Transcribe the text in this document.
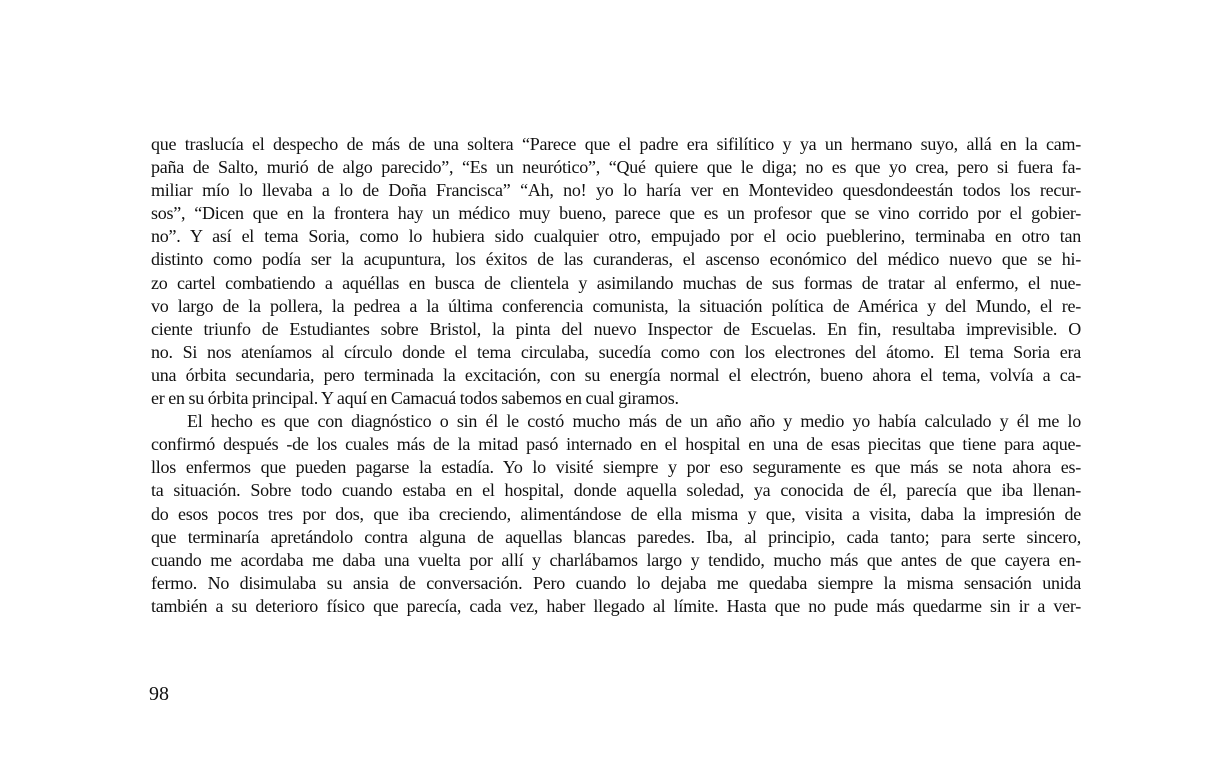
que traslucía el despecho de más de una soltera “Parece que el padre era sifilítico y ya un hermano suyo, allá en la cam-
paña de Salto, murió de algo parecido”, “Es un neurótico”, “Qué quiere que le diga; no es que yo crea, pero si fuera fa-
miliar mío lo llevaba a lo de Doña Francisca” “Ah, no! yo lo haría ver en Montevideo quesdondeestán todos los recur-
sos”, “Dicen que en la frontera hay un médico muy bueno, parece que es un profesor que se vino corrido por el gobier-
no”. Y así el tema Soria, como lo hubiera sido cualquier otro, empujado por el ocio pueblerino, terminaba en otro tan
distinto como podía ser la acupuntura, los éxitos de las curanderas, el ascenso económico del médico nuevo que se hi-
zo cartel combatiendo a aquéllas en busca de clientela y asimilando muchas de sus formas de tratar al enfermo, el nue-
vo largo de la pollera, la pedrea a la última conferencia comunista, la situación política de América y del Mundo, el re-
ciente triunfo de Estudiantes sobre Bristol, la pinta del nuevo Inspector de Escuelas. En fin, resultaba imprevisible. O
no. Si nos ateníamos al círculo donde el tema circulaba, sucedía como con los electrones del átomo. El tema Soria era
una órbita secundaria, pero terminada la excitación, con su energía normal el electrón, bueno ahora el tema, volvía a ca-
er en su órbita principal. Y aquí en Camacuá todos sabemos en cual giramos.
El hecho es que con diagnóstico o sin él le costó mucho más de un año año y medio yo había calculado y él me lo
confirmó después -de los cuales más de la mitad pasó internado en el hospital en una de esas piecitas que tiene para aque-
llos enfermos que pueden pagarse la estadía. Yo lo visité siempre y por eso seguramente es que más se nota ahora es-
ta situación. Sobre todo cuando estaba en el hospital, donde aquella soledad, ya conocida de él, parecía que iba llenan-
do esos pocos tres por dos, que iba creciendo, alimentándose de ella misma y que, visita a visita, daba la impresión de
que terminaría apretándolo contra alguna de aquellas blancas paredes. Iba, al principio, cada tanto; para serte sincero,
cuando me acordaba me daba una vuelta por allí y charlábamos largo y tendido, mucho más que antes de que cayera en-
fermo. No disimulaba su ansia de conversación. Pero cuando lo dejaba me quedaba siempre la misma sensación unida
también a su deterioro físico que parecía, cada vez, haber llegado al límite. Hasta que no pude más quedarme sin ir a ver-
98
